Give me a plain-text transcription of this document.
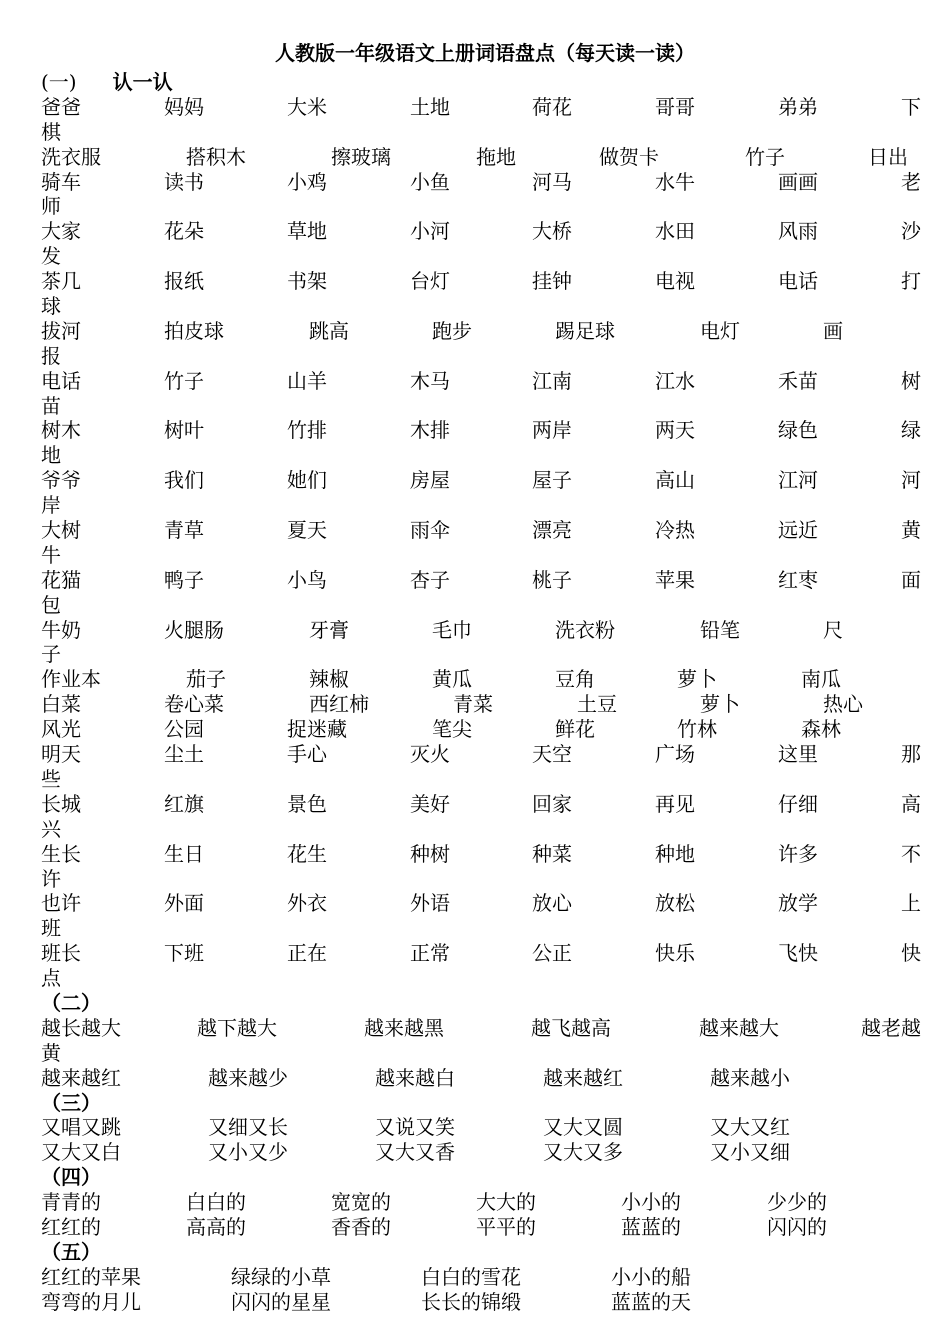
人教版一年级语文上册词语盘点（每天读一读）
(一) 认一认
爸爸	妈妈	大米	土地	荷花	哥哥	弟弟	下
棋
洗衣服	搭积木	擦玻璃	拖地	做贺卡	竹子	日出
骑车	读书	小鸡	小鱼	河马	水牛	画画	老
师
大家	花朵	草地	小河	大桥	水田	风雨	沙
发
茶几	报纸	书架	台灯	挂钟	电视	电话	打
球
拔河	拍皮球	跳高	跑步	踢足球	电灯	画
报
电话	竹子	山羊	木马	江南	江水	禾苗	树
苗
树木	树叶	竹排	木排	两岸	两天	绿色	绿
地
爷爷	我们	她们	房屋	屋子	高山	江河	河
岸
大树	青草	夏天	雨伞	漂亮	冷热	远近	黄
牛
花猫	鸭子	小鸟	杏子	桃子	苹果	红枣	面
包
牛奶	火腿肠	牙膏	毛巾	洗衣粉	铅笔	尺
子
作业本	茄子	辣椒	黄瓜	豆角	萝卜	南瓜
白菜	卷心菜	西红柿	青菜	土豆	萝卜	热心
风光	公园	捉迷藏	笔尖	鲜花	竹林	森林
明天	尘土	手心	灭火	天空	广场	这里	那
些
长城	红旗	景色	美好	回家	再见	仔细	高
兴
生长	生日	花生	种树	种菜	种地	许多	不
许
也许	外面	外衣	外语	放心	放松	放学	上
班
班长	下班	正在	正常	公正	快乐	飞快	快
点
（二）
越长越大	越下越大	越来越黑	越飞越高	越来越大	越老越
黄
越来越红	越来越少	越来越白	越来越红	越来越小
（三）
又唱又跳	又细又长	又说又笑	又大又圆	又大又红
又大又白	又小又少	又大又香	又大又多	又小又细
（四）
青青的	白白的	宽宽的	大大的	小小的	少少的
红红的	高高的	香香的	平平的	蓝蓝的	闪闪的
（五）
红红的苹果	绿绿的小草	白白的雪花	小小的船
弯弯的月儿	闪闪的星星	长长的锦缎	蓝蓝的天
